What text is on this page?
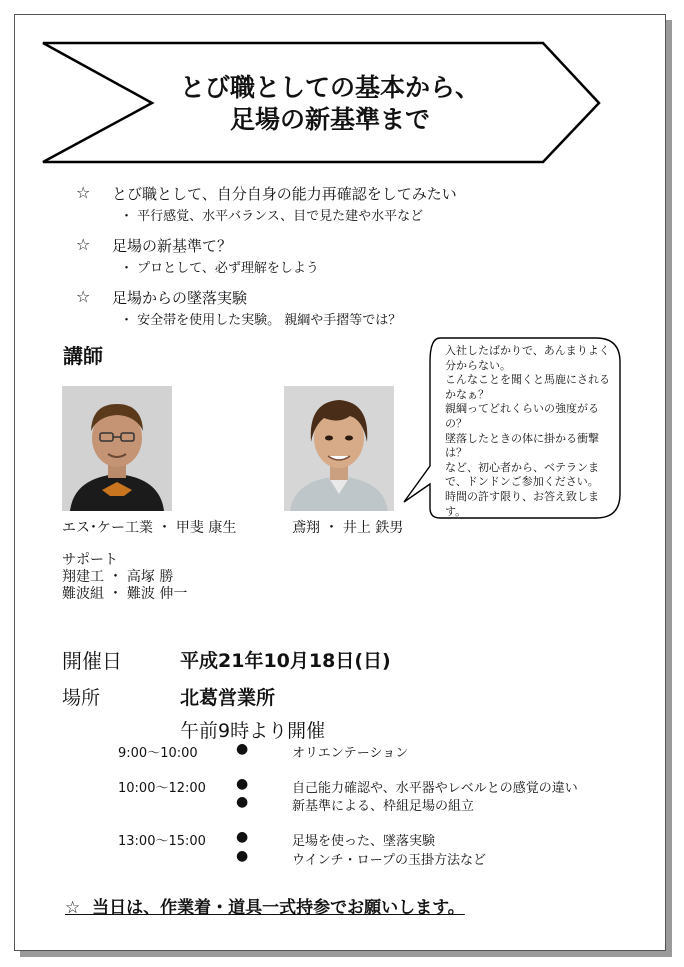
とび職としての基本から、
足場の新基準まで
☆ とび職として、自分自身の能力再確認をしてみたい
・ 平行感覚、水平バランス、目で見た建や水平など
☆ 足場の新基準て？
・ プロとして、必ず理解をしよう
☆ 足場からの墜落実験
・ 安全帯を使用した実験。 親綱や手摺等では？
講師
エス･ケー工業 ・ 甲斐 康生	鳶翔 ・ 井上 鉄男
入社したばかりで、あんまりよく
分からない。
こんなことを聞くと馬鹿にされる
かなぁ？
親綱ってどれくらいの強度がる
の？
墜落したときの体に掛かる衝撃
は？
など、初心者から、ベテランま
で、ドンドンご参加ください。
時間の許す限り、お答え致しま
す。
サポート
翔建工 ・ 高塚 勝
難波組 ・ 難波 伸一
開催日	平成21年10月18日(日)
場所	北葛営業所
午前9時より開催
9:00～10:00	●	オリエンテーション
10:00～12:00 ●	自己能力確認や、水平器やレベルとの感覚の違い
●	新基準による、枠組足場の組立
13:00～15:00 ●	足場を使った、墜落実験
●	ウインチ・ロープの玉掛方法など
☆ 当日は、作業着・道具一式持参でお願いします。
